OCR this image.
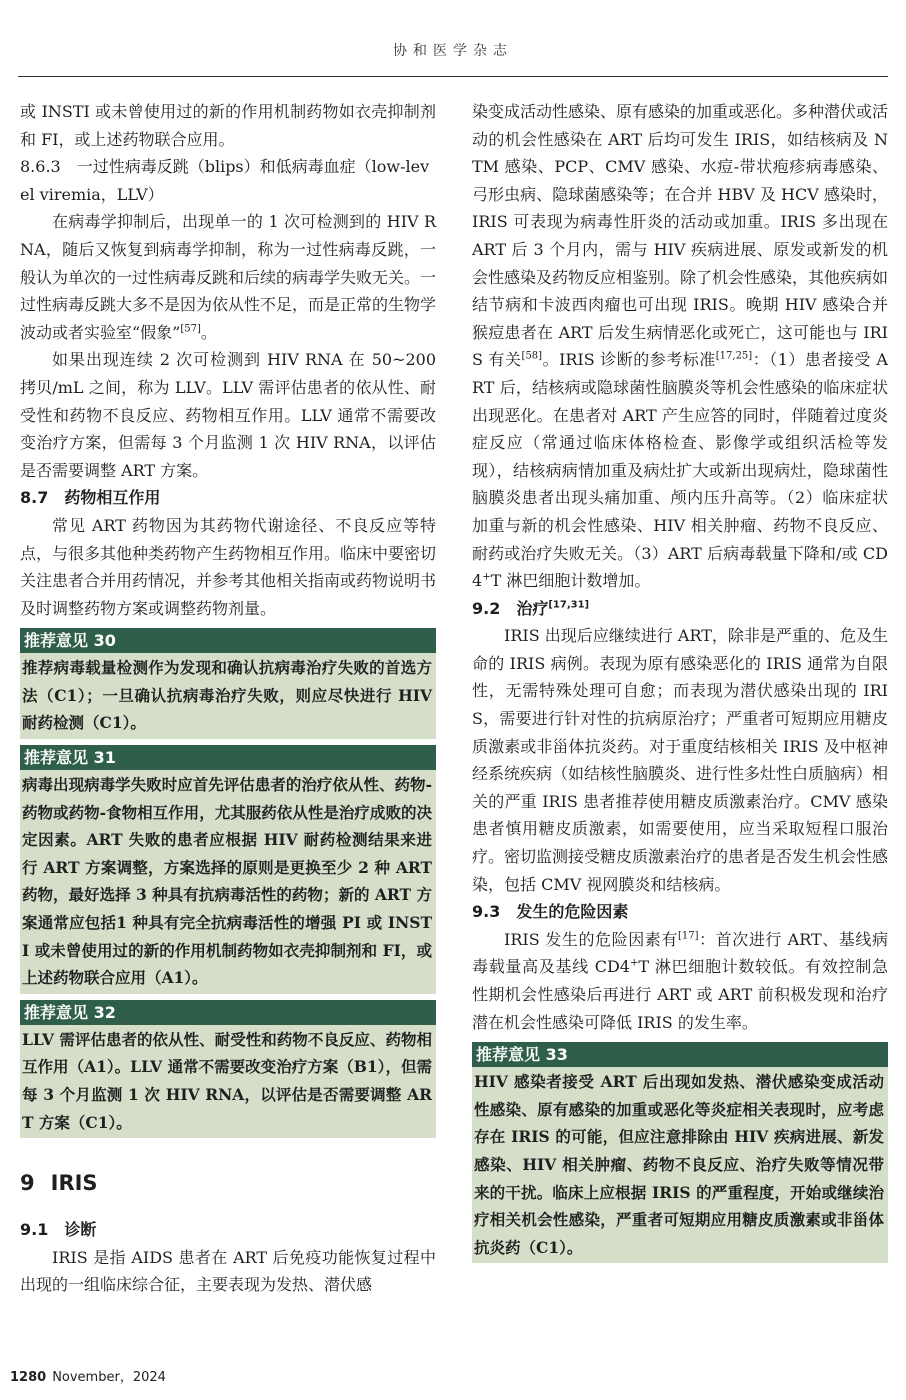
协和医学杂志

或 INSTI 或未曾使用过的新的作用机制药物如衣壳抑制剂和 FI，或上述药物联合应用。

8.6.3　一过性病毒反跳（blips）和低病毒血症（low-level viremia，LLV）

在病毒学抑制后，出现单一的 1 次可检测到的 HIV RNA，随后又恢复到病毒学抑制，称为一过性病毒反跳，一般认为单次的一过性病毒反跳和后续的病毒学失败无关。一过性病毒反跳大多不是因为依从性不足，而是正常的生物学波动或者实验室“假象”[57]。

如果出现连续 2 次可检测到 HIV RNA 在 50~200 拷贝/mL 之间，称为 LLV。LLV 需评估患者的依从性、耐受性和药物不良反应、药物相互作用。LLV 通常不需要改变治疗方案，但需每 3 个月监测 1 次 HIV RNA，以评估是否需要调整 ART 方案。

8.7 药物相互作用

常见 ART 药物因为其药物代谢途径、不良反应等特点，与很多其他种类药物产生药物相互作用。临床中要密切关注患者合并用药情况，并参考其他相关指南或药物说明书及时调整药物方案或调整药物剂量。

推荐意见 30
推荐病毒载量检测作为发现和确认抗病毒治疗失败的首选方法（C1）；一旦确认抗病毒治疗失败，则应尽快进行 HIV 耐药检测（C1）。
推荐意见 31
病毒出现病毒学失败时应首先评估患者的治疗依从性、药物-药物或药物-食物相互作用，尤其服药依从性是治疗成败的决定因素。ART 失败的患者应根据 HIV 耐药检测结果来进行 ART 方案调整，方案选择的原则是更换至少 2 种 ART 药物，最好选择 3 种具有抗病毒活性的药物；新的 ART 方案通常应包括1 种具有完全抗病毒活性的增强 PI 或 INSTI 或未曾使用过的新的作用机制药物如衣壳抑制剂和 FI，或上述药物联合应用（A1）。
推荐意见 32
LLV 需评估患者的依从性、耐受性和药物不良反应、药物相互作用（A1）。LLV 通常不需要改变治疗方案（B1），但需每 3 个月监测 1 次 HIV RNA，以评估是否需要调整 ART 方案（C1）。

9 IRIS

9.1 诊断

IRIS 是指 AIDS 患者在 ART 后免疫功能恢复过程中出现的一组临床综合征，主要表现为发热、潜伏感

染变成活动性感染、原有感染的加重或恶化。多种潜伏或活动的机会性感染在 ART 后均可发生 IRIS，如结核病及 NTM 感染、PCP、CMV 感染、水痘-带状疱疹病毒感染、弓形虫病、隐球菌感染等；在合并 HBV 及 HCV 感染时，IRIS 可表现为病毒性肝炎的活动或加重。IRIS 多出现在 ART 后 3 个月内，需与 HIV 疾病进展、原发或新发的机会性感染及药物反应相鉴别。除了机会性感染，其他疾病如结节病和卡波西肉瘤也可出现 IRIS。晚期 HIV 感染合并猴痘患者在 ART 后发生病情恶化或死亡，这可能也与 IRIS 有关[58]。IRIS 诊断的参考标准[17,25]：（1）患者接受 ART 后，结核病或隐球菌性脑膜炎等机会性感染的临床症状出现恶化。在患者对 ART 产生应答的同时，伴随着过度炎症反应（常通过临床体格检查、影像学或组织活检等发现），结核病病情加重及病灶扩大或新出现病灶，隐球菌性脑膜炎患者出现头痛加重、颅内压升高等。（2）临床症状加重与新的机会性感染、HIV 相关肿瘤、药物不良反应、耐药或治疗失败无关。（3）ART 后病毒载量下降和/或 CD4+T 淋巴细胞计数增加。

9.2 治疗[17,31]

IRIS 出现后应继续进行 ART，除非是严重的、危及生命的 IRIS 病例。表现为原有感染恶化的 IRIS 通常为自限性，无需特殊处理可自愈；而表现为潜伏感染出现的 IRIS，需要进行针对性的抗病原治疗；严重者可短期应用糖皮质激素或非甾体抗炎药。对于重度结核相关 IRIS 及中枢神经系统疾病（如结核性脑膜炎、进行性多灶性白质脑病）相关的严重 IRIS 患者推荐使用糖皮质激素治疗。CMV 感染患者慎用糖皮质激素，如需要使用，应当采取短程口服治疗。密切监测接受糖皮质激素治疗的患者是否发生机会性感染，包括 CMV 视网膜炎和结核病。

9.3 发生的危险因素

IRIS 发生的危险因素有[17]：首次进行 ART、基线病毒载量高及基线 CD4+T 淋巴细胞计数较低。有效控制急性期机会性感染后再进行 ART 或 ART 前积极发现和治疗潜在机会性感染可降低 IRIS 的发生率。

推荐意见 33
HIV 感染者接受 ART 后出现如发热、潜伏感染变成活动性感染、原有感染的加重或恶化等炎症相关表现时，应考虑存在 IRIS 的可能，但应注意排除由 HIV 疾病进展、新发感染、HIV 相关肿瘤、药物不良反应、治疗失败等情况带来的干扰。临床上应根据 IRIS 的严重程度，开始或继续治疗相关机会性感染，严重者可短期应用糖皮质激素或非甾体抗炎药（C1）。
1280 November，2024
